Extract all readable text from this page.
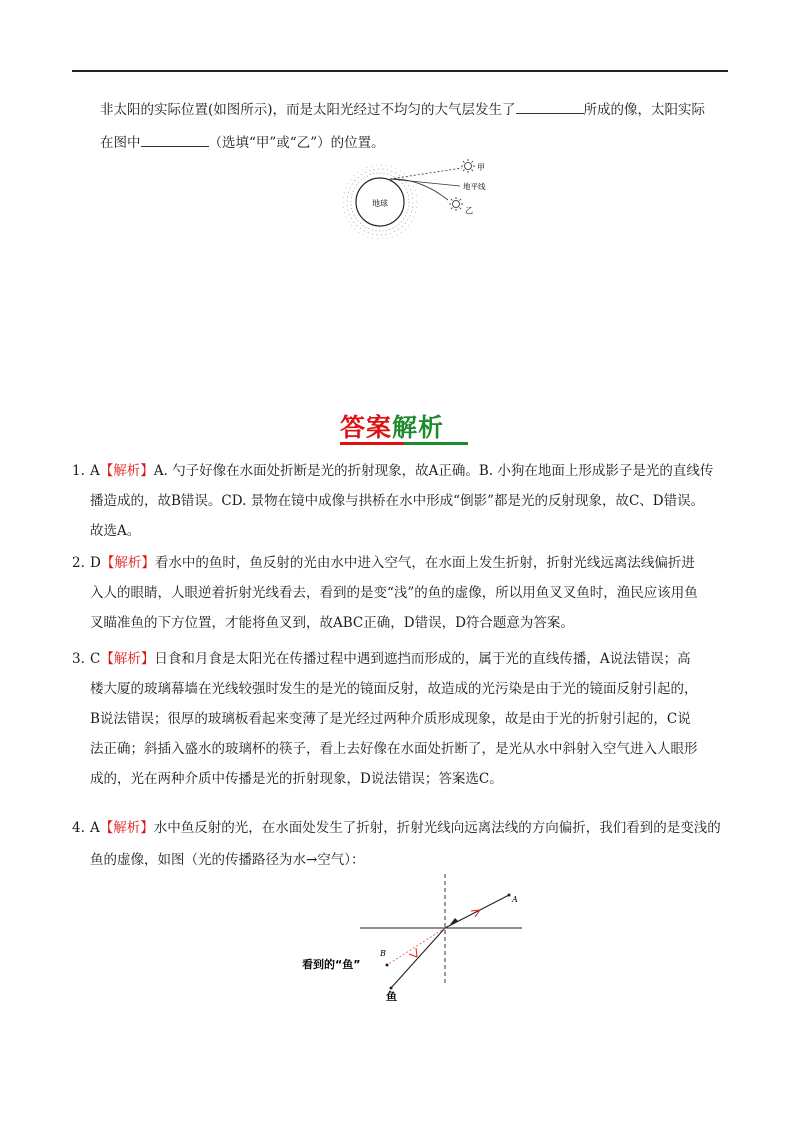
非太阳的实际位置(如图所示)，而是太阳光经过不均匀的大气层发生了	所成的像，太阳实际
在图中	（选填“甲”或“乙”）的位置。
地球
甲
地平线
乙
答案解析
1. A【解析】A. 勺子好像在水面处折断是光的折射现象，故A正确。B. 小狗在地面上形成影子是光的直线传
播造成的，故B错误。CD. 景物在镜中成像与拱桥在水中形成“倒影”都是光的反射现象，故C、D错误。
故选A。
2. D【解析】看水中的鱼时，鱼反射的光由水中进入空气，在水面上发生折射，折射光线远离法线偏折进
入人的眼睛，人眼逆着折射光线看去，看到的是变“浅”的鱼的虚像，所以用鱼叉叉鱼时，渔民应该用鱼
叉瞄准鱼的下方位置，才能将鱼叉到，故ABC正确，D错误，D符合题意为答案。
3. C【解析】日食和月食是太阳光在传播过程中遇到遮挡而形成的，属于光的直线传播，A说法错误；高
楼大厦的玻璃幕墙在光线较强时发生的是光的镜面反射，故造成的光污染是由于光的镜面反射引起的，
B说法错误；很厚的玻璃板看起来变薄了是光经过两种介质形成现象，故是由于光的折射引起的，C说
法正确；斜插入盛水的玻璃杯的筷子，看上去好像在水面处折断了，是光从水中斜射入空气进入人眼形
成的，光在两种介质中传播是光的折射现象，D说法错误；答案选C。
4. A【解析】水中鱼反射的光，在水面处发生了折射，折射光线向远离法线的方向偏折，我们看到的是变浅的
鱼的虚像，如图（光的传播路径为水→空气）：
A
B
看到的“鱼”
鱼
